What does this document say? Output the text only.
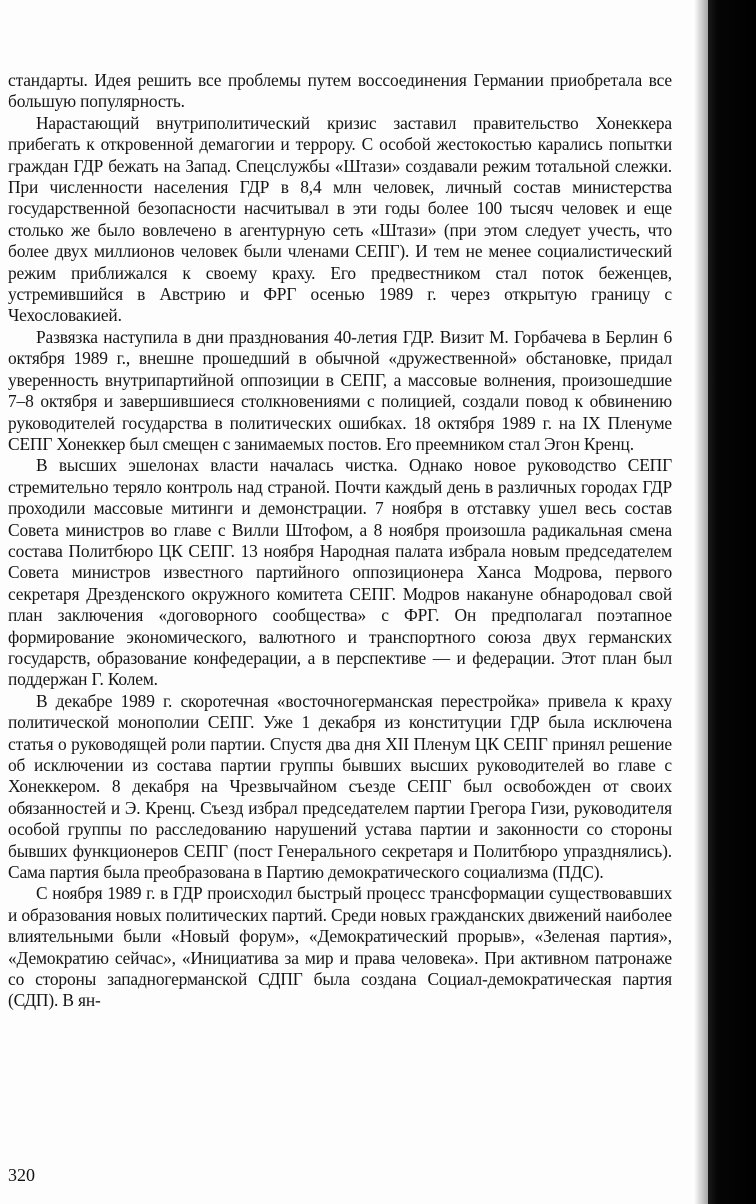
стандарты. Идея решить все проблемы путем воссоединения Германии приобретала все большую популярность.

Нарастающий внутриполитический кризис заставил правительство Хонеккера прибегать к откровенной демагогии и террору. С особой жестокостью карались попытки граждан ГДР бежать на Запад. Спецслужбы «Штази» создавали режим тотальной слежки. При численности населения ГДР в 8,4 млн человек, личный состав министерства государственной безопасности насчитывал в эти годы более 100 тысяч человек и еще столько же было вовлечено в агентурную сеть «Штази» (при этом следует учесть, что более двух миллионов человек были членами СЕПГ). И тем не менее социалистический режим приближался к своему краху. Его предвестником стал поток беженцев, устремившийся в Австрию и ФРГ осенью 1989 г. через открытую границу с Чехословакией.

Развязка наступила в дни празднования 40-летия ГДР. Визит М. Горбачева в Берлин 6 октября 1989 г., внешне прошедший в обычной «дружественной» обстановке, придал уверенность внутрипартийной оппозиции в СЕПГ, а массовые волнения, произошедшие 7–8 октября и завершившиеся столкновениями с полицией, создали повод к обвинению руководителей государства в политических ошибках. 18 октября 1989 г. на IX Пленуме СЕПГ Хонеккер был смещен с занимаемых постов. Его преемником стал Эгон Кренц.

В высших эшелонах власти началась чистка. Однако новое руководство СЕПГ стремительно теряло контроль над страной. Почти каждый день в различных городах ГДР проходили массовые митинги и демонстрации. 7 ноября в отставку ушел весь состав Совета министров во главе с Вилли Штофом, а 8 ноября произошла радикальная смена состава Политбюро ЦК СЕПГ. 13 ноября Народная палата избрала новым председателем Совета министров известного партийного оппозиционера Ханса Модрова, первого секретаря Дрезденского окружного комитета СЕПГ. Модров накануне обнародовал свой план заключения «договорного сообщества» с ФРГ. Он предполагал поэтапное формирование экономического, валютного и транспортного союза двух германских государств, образование конфедерации, а в перспективе — и федерации. Этот план был поддержан Г. Колем.

В декабре 1989 г. скоротечная «восточногерманская перестройка» привела к краху политической монополии СЕПГ. Уже 1 декабря из конституции ГДР была исключена статья о руководящей роли партии. Спустя два дня XII Пленум ЦК СЕПГ принял решение об исключении из состава партии группы бывших высших руководителей во главе с Хонеккером. 8 декабря на Чрезвычайном съезде СЕПГ был освобожден от своих обязанностей и Э. Кренц. Съезд избрал председателем партии Грегора Гизи, руководителя особой группы по расследованию нарушений устава партии и законности со стороны бывших функционеров СЕПГ (пост Генерального секретаря и Политбюро упразднялись). Сама партия была преобразована в Партию демократического социализма (ПДС).

С ноября 1989 г. в ГДР происходил быстрый процесс трансформации существовавших и образования новых политических партий. Среди новых гражданских движений наиболее влиятельными были «Новый форум», «Демократический прорыв», «Зеленая партия», «Демократию сейчас», «Инициатива за мир и права человека». При активном патронаже со стороны западногерманской СДПГ была создана Социал-демократическая партия (СДП). В ян-

320
